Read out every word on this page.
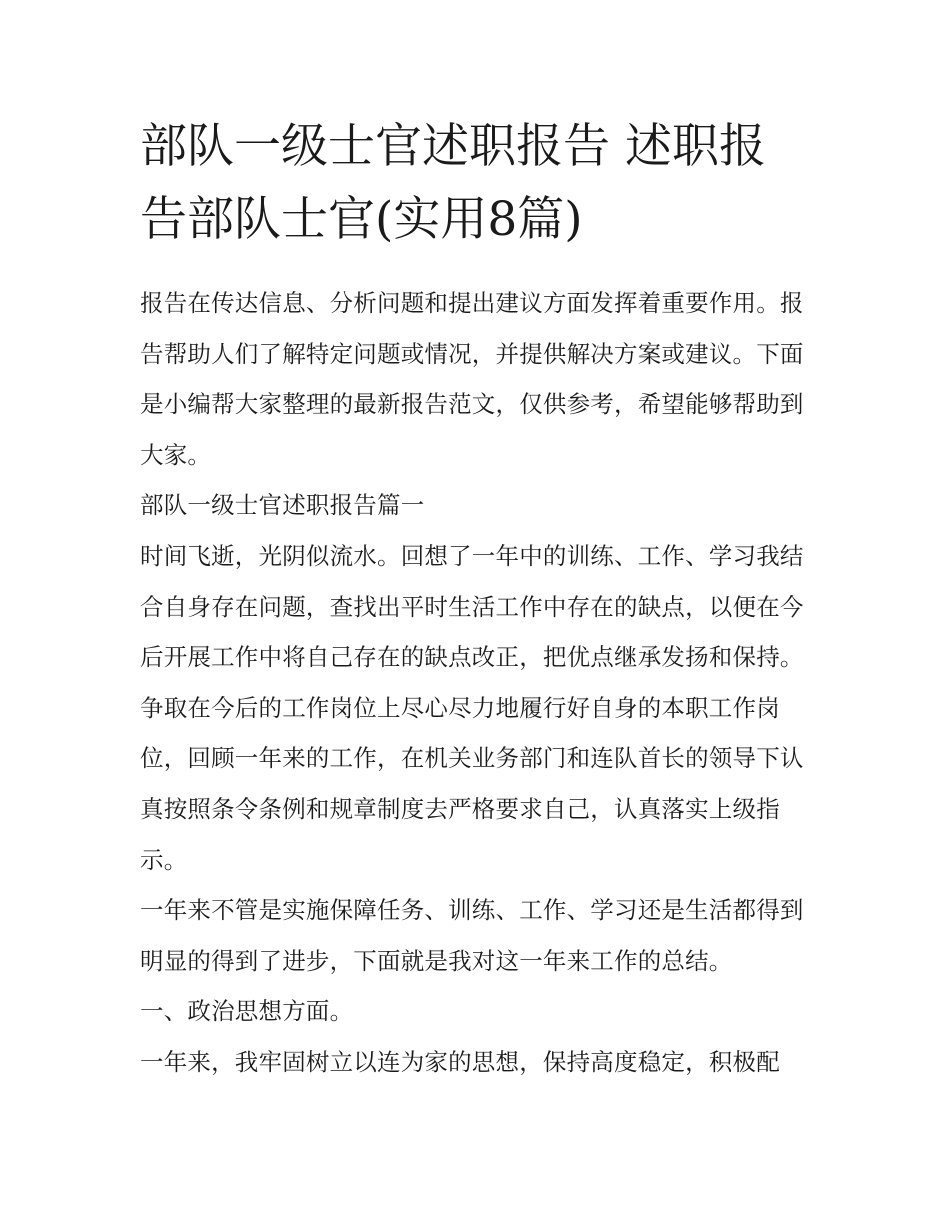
部队一级士官述职报告 述职报
告部队士官(实用8篇)

报告在传达信息、分析问题和提出建议方面发挥着重要作用。报告帮助人们了解特定问题或情况，并提供解决方案或建议。下面是小编帮大家整理的最新报告范文，仅供参考，希望能够帮助到大家。

部队一级士官述职报告篇一

时间飞逝，光阴似流水。回想了一年中的训练、工作、学习我结合自身存在问题，查找出平时生活工作中存在的缺点，以便在今后开展工作中将自己存在的缺点改正，把优点继承发扬和保持。争取在今后的工作岗位上尽心尽力地履行好自身的本职工作岗位，回顾一年来的工作，在机关业务部门和连队首长的领导下认真按照条令条例和规章制度去严格要求自己，认真落实上级指示。

一年来不管是实施保障任务、训练、工作、学习还是生活都得到明显的得到了进步，下面就是我对这一年来工作的总结。

一、政治思想方面。

一年来，我牢固树立以连为家的思想，保持高度稳定，积极配
